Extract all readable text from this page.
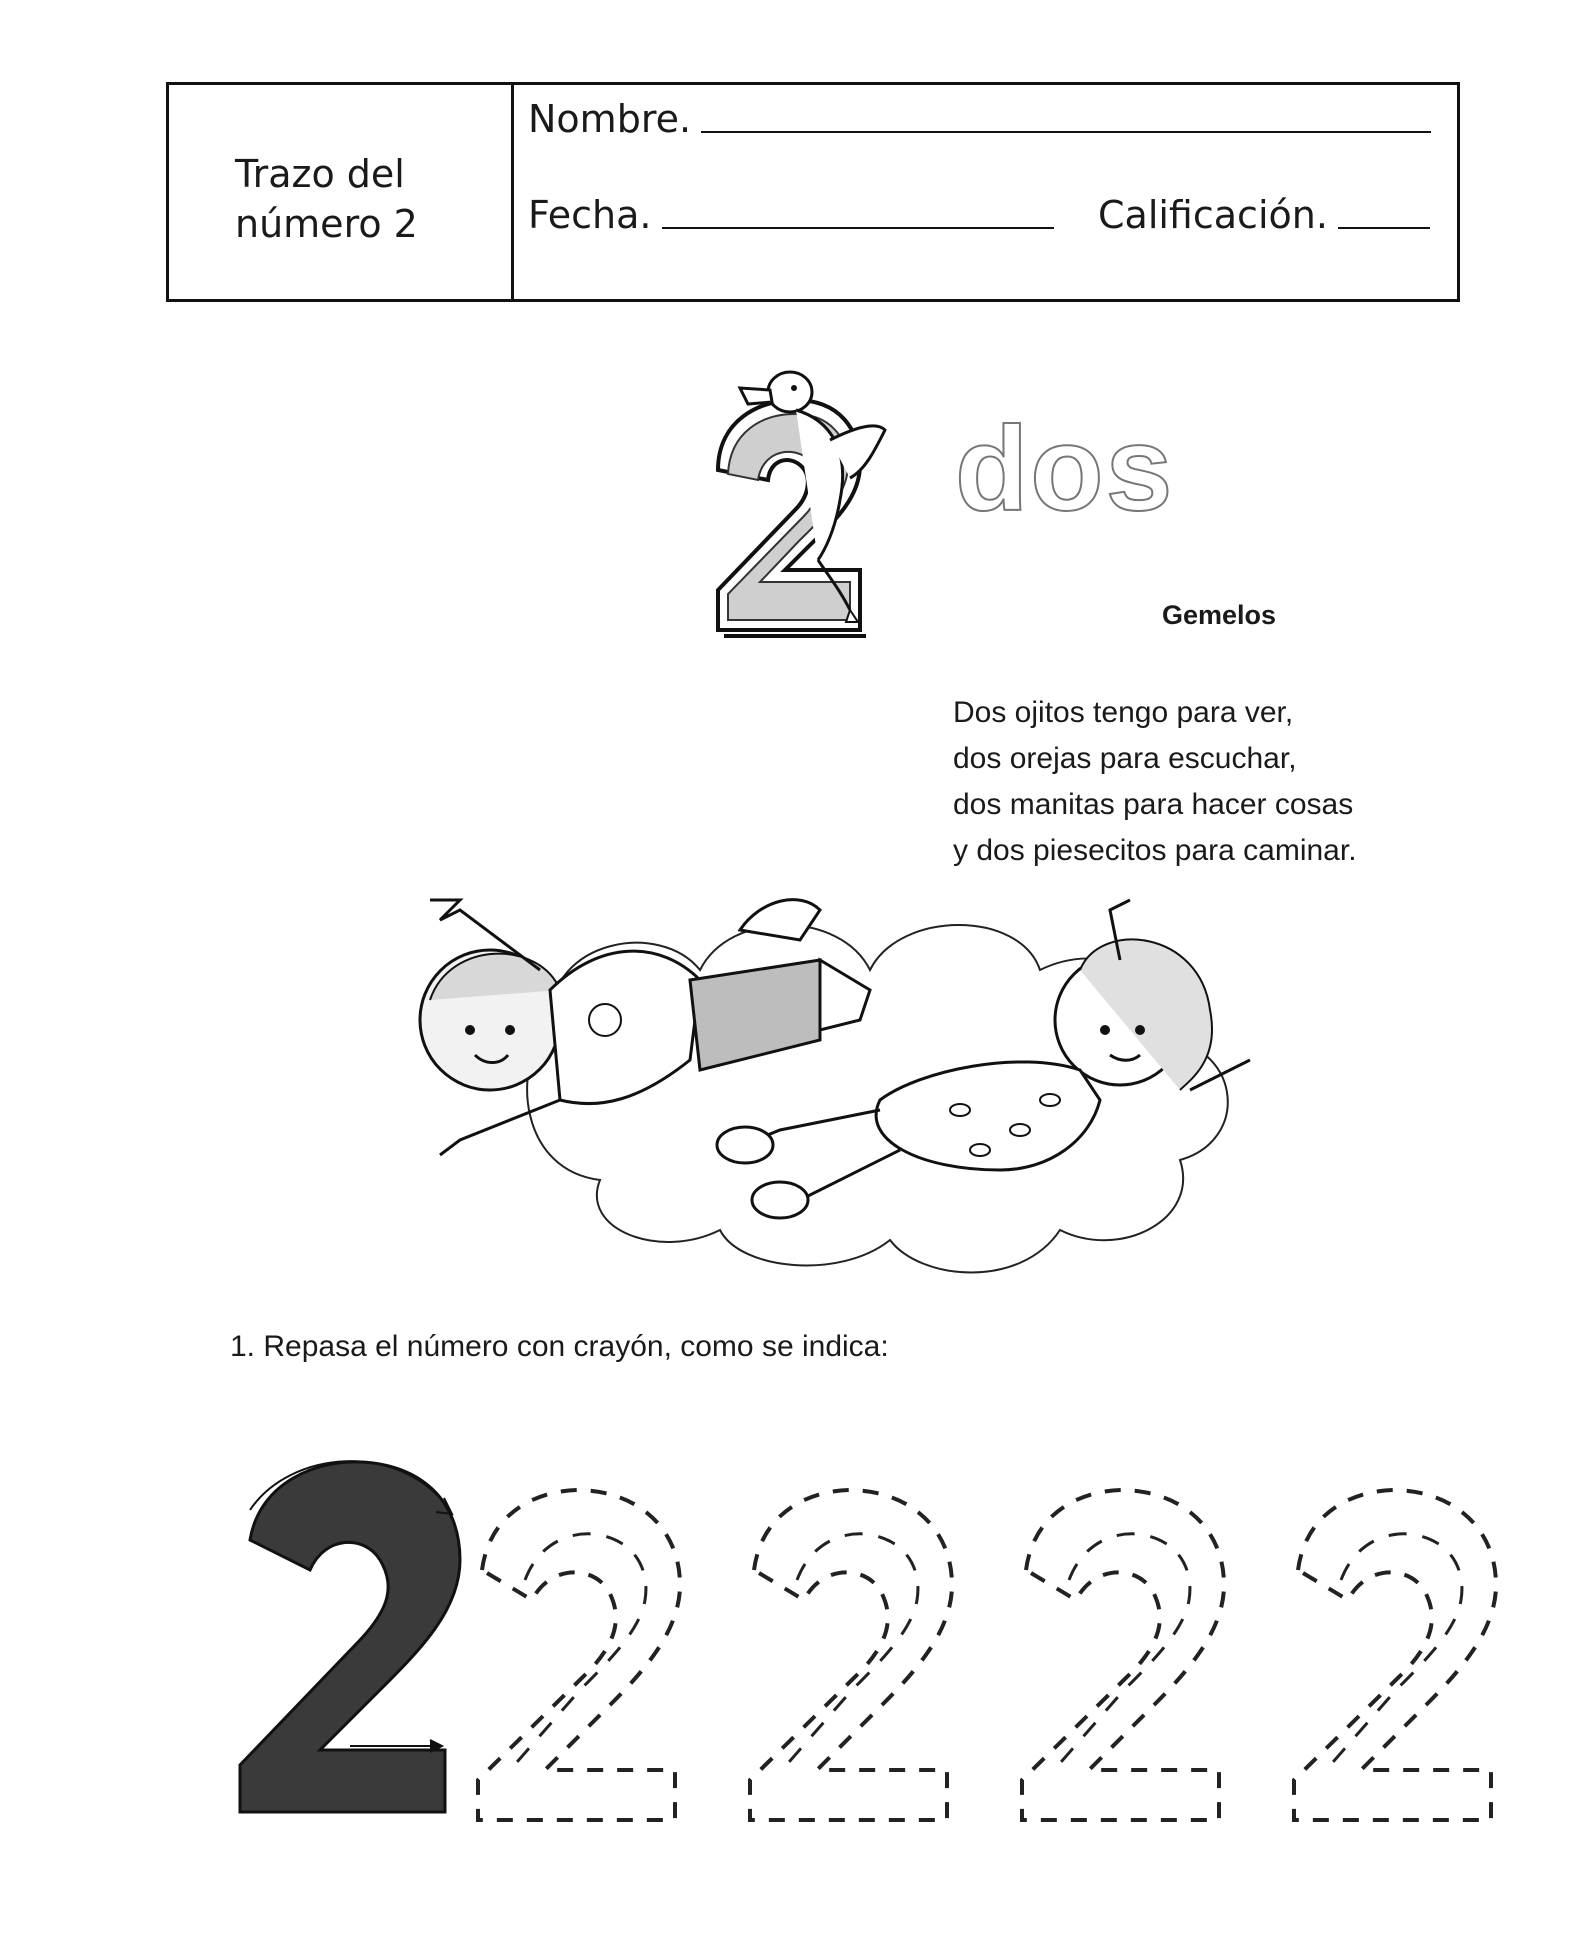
Trazo del
número 2
Nombre.
Fecha.	Calificación.
dos
Gemelos
Dos ojitos tengo para ver,
dos orejas para escuchar,
dos manitas para hacer cosas
y dos piesecitos para caminar.
1. Repasa el número con crayón, como se indica:
